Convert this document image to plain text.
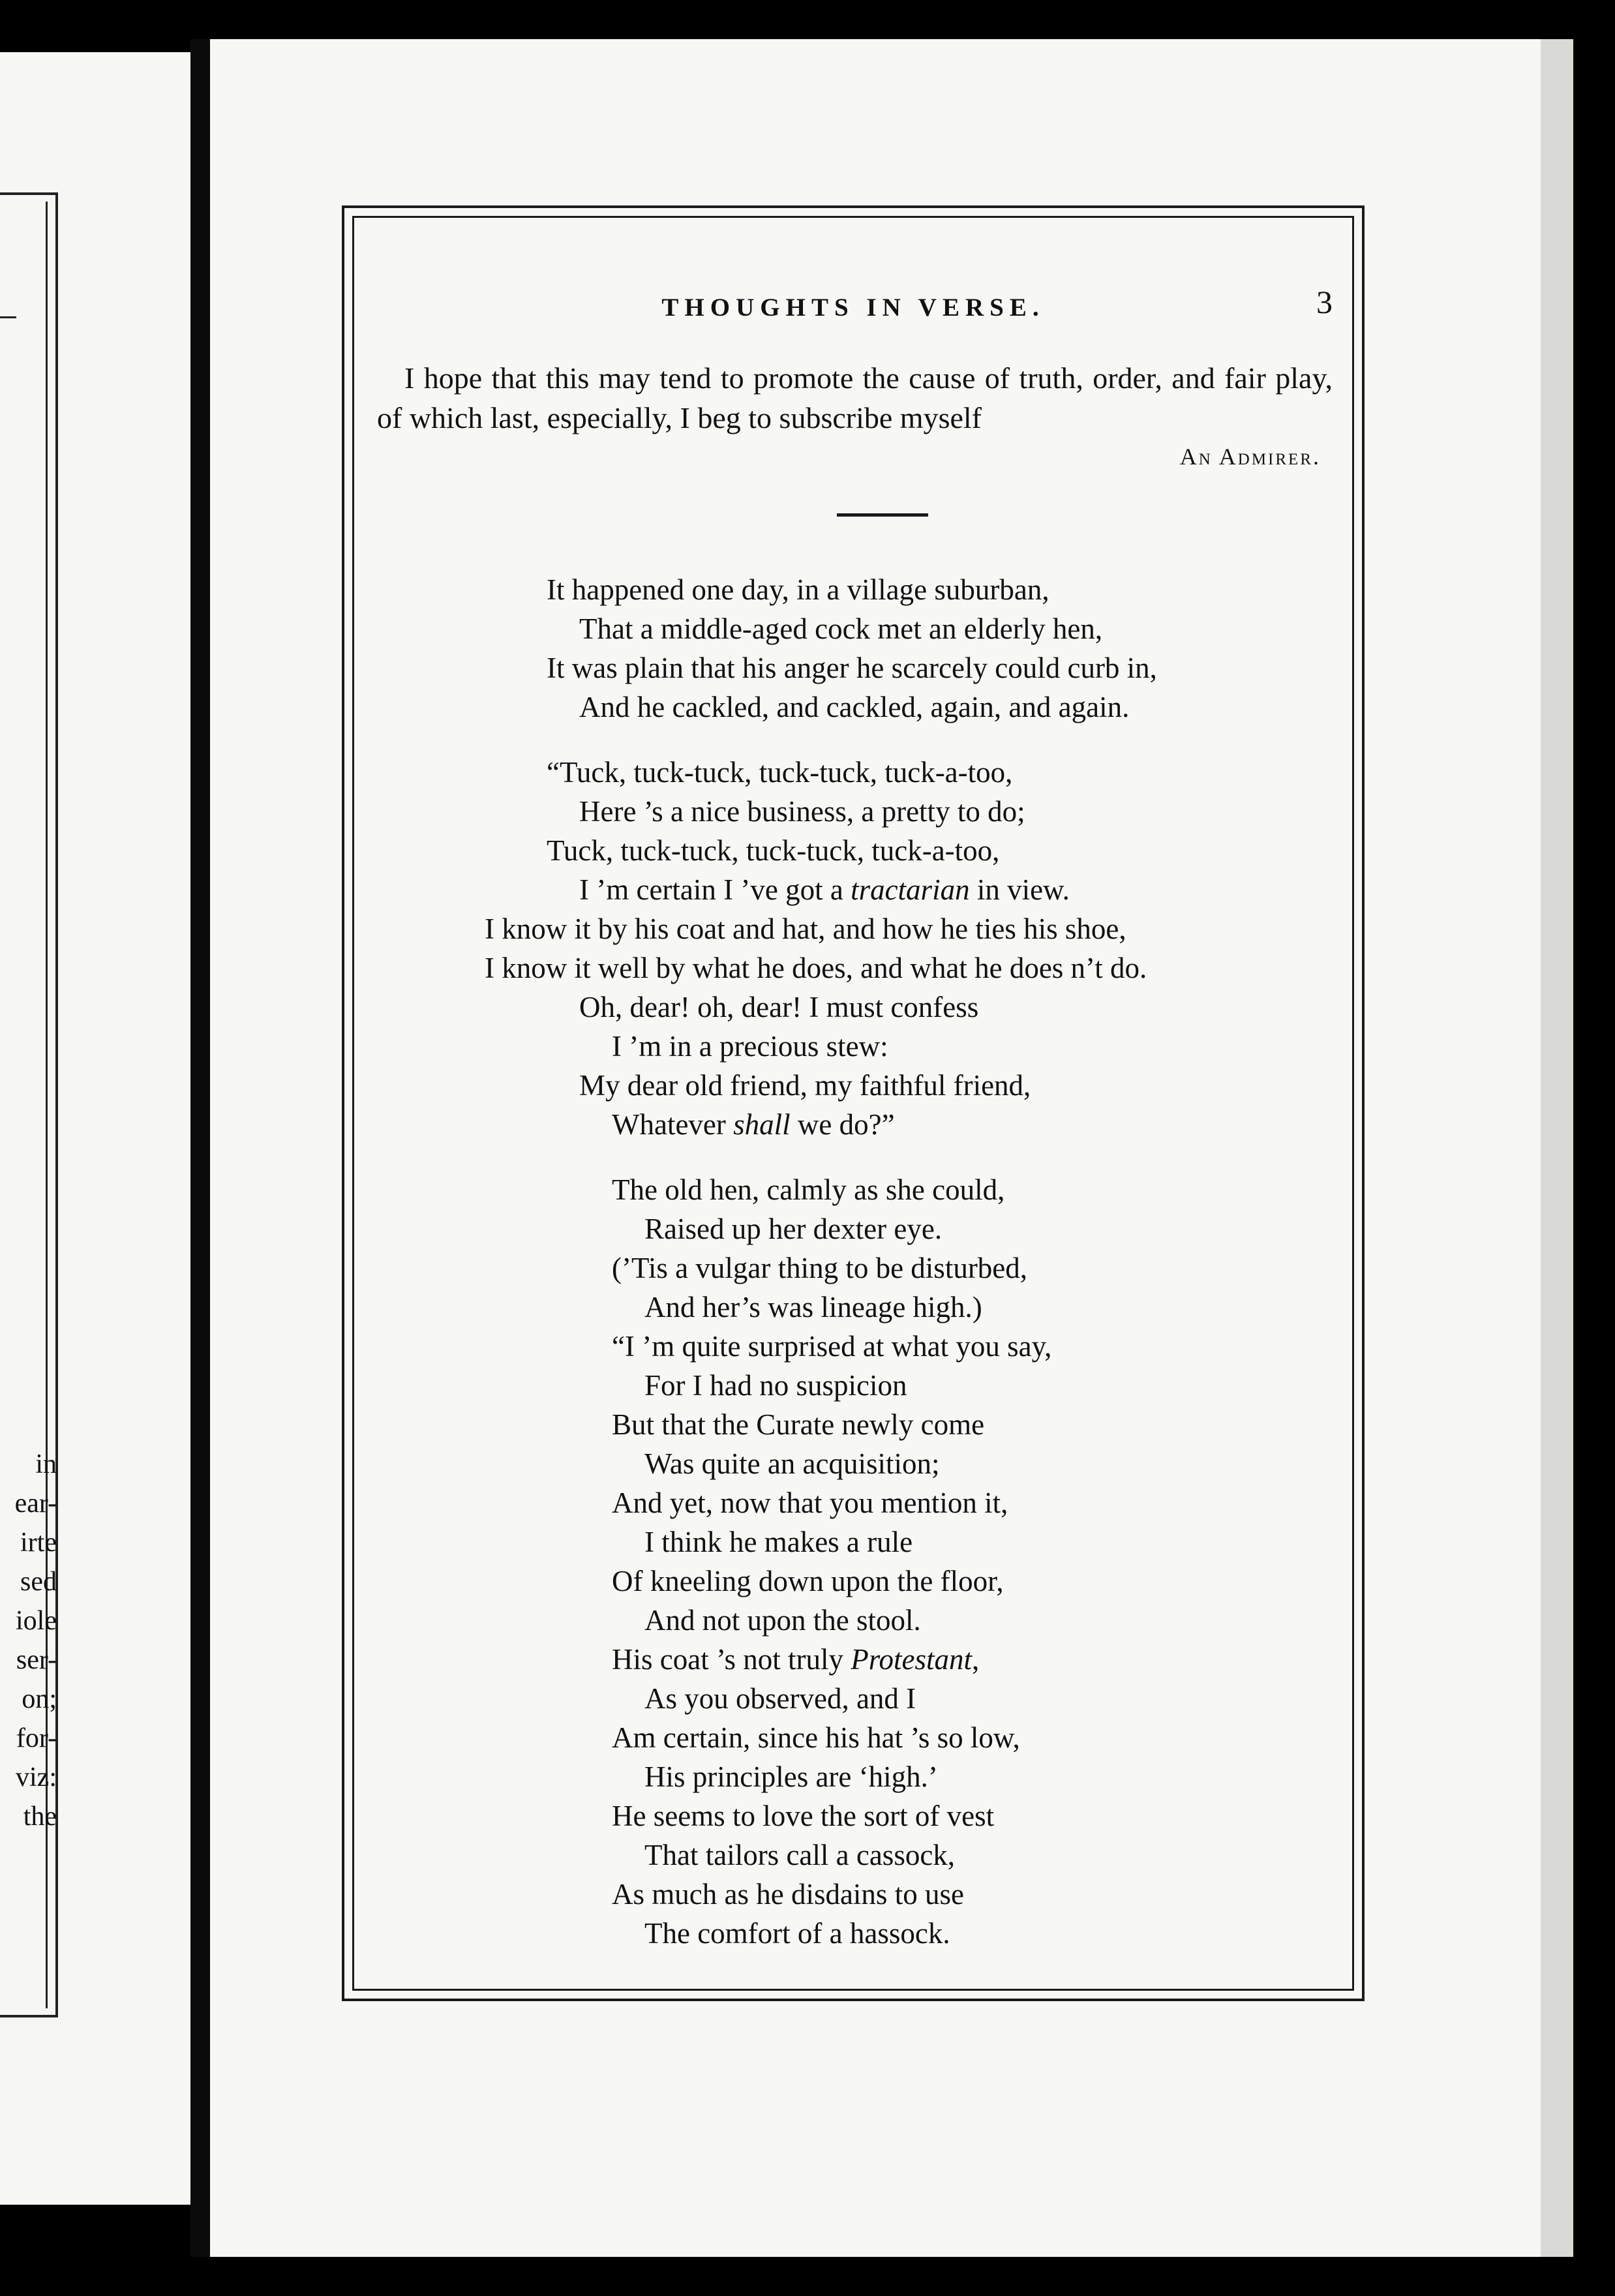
in
ear-
irte
sed
iole
ser-
on;
for-
viz:
the
THOUGHTS IN VERSE.	3

I hope that this may tend to promote the cause of truth, order, and fair play, of which last, especially, I beg to subscribe myself

An Admirer.
It happened one day, in a village suburban,
That a middle-aged cock met an elderly hen,
It was plain that his anger he scarcely could curb in,
And he cackled, and cackled, again, and again.
“Tuck, tuck-tuck, tuck-tuck, tuck-a-too,
Here ’s a nice business, a pretty to do;
Tuck, tuck-tuck, tuck-tuck, tuck-a-too,
I ’m certain I ’ve got a tractarian in view.
I know it by his coat and hat, and how he ties his shoe,
I know it well by what he does, and what he does n’t do.
Oh, dear! oh, dear! I must confess
I ’m in a precious stew:
My dear old friend, my faithful friend,
Whatever shall we do?”
The old hen, calmly as she could,
Raised up her dexter eye.
(’Tis a vulgar thing to be disturbed,
And her’s was lineage high.)
“I ’m quite surprised at what you say,
For I had no suspicion
But that the Curate newly come
Was quite an acquisition;
And yet, now that you mention it,
I think he makes a rule
Of kneeling down upon the floor,
And not upon the stool.
His coat ’s not truly Protestant,
As you observed, and I
Am certain, since his hat ’s so low,
His principles are ‘high.’
He seems to love the sort of vest
That tailors call a cassock,
As much as he disdains to use
The comfort of a hassock.
